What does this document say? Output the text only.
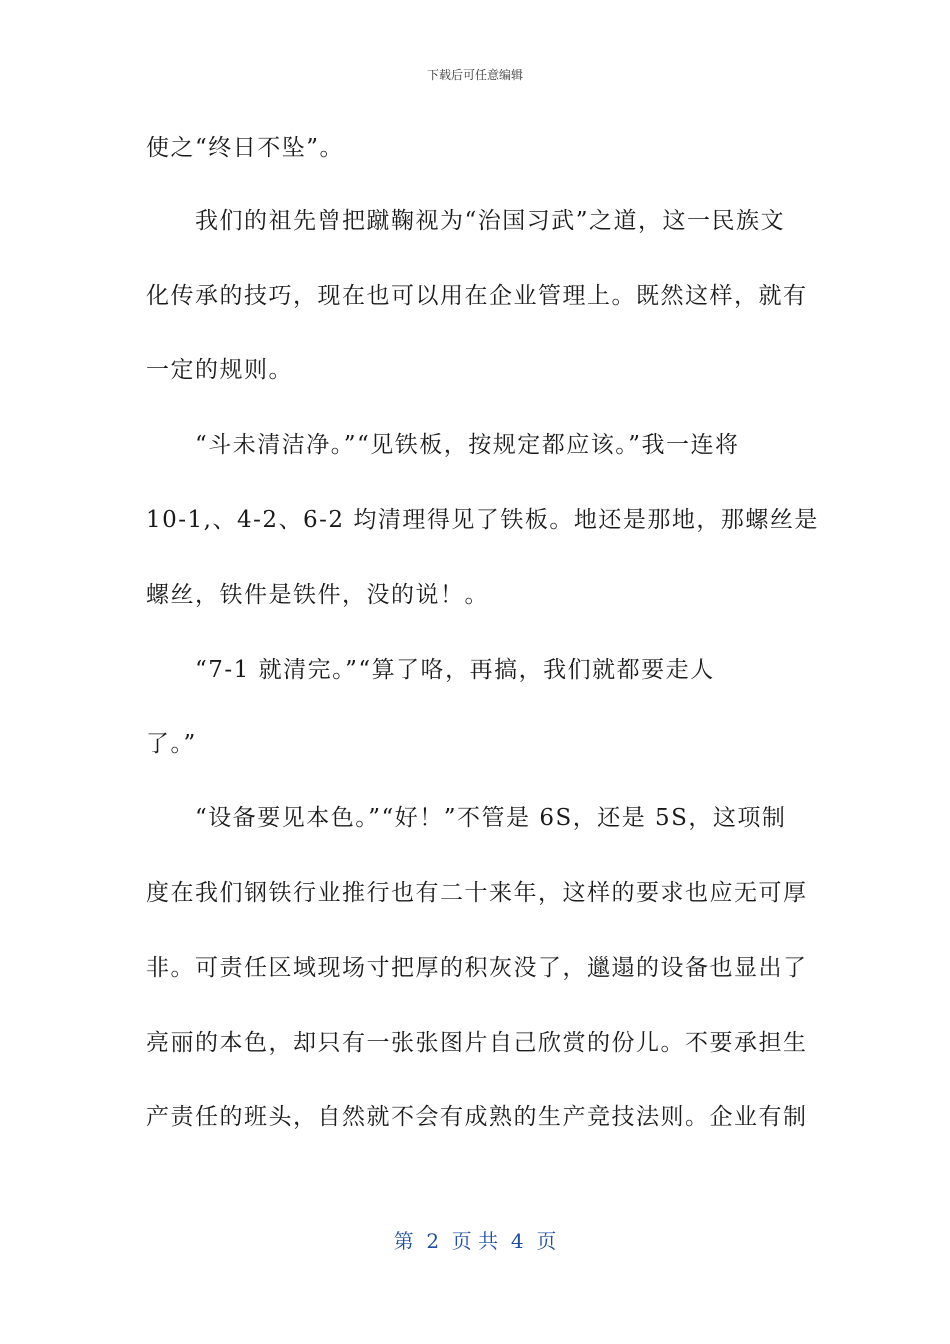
下载后可任意编辑
使之“终日不坠”。
　　我们的祖先曾把蹴鞠视为“治国习武”之道，这一民族文
化传承的技巧，现在也可以用在企业管理上。既然这样，就有
一定的规则。
　　“斗未清洁净。”“见铁板，按规定都应该。”我一连将
10-1,、4-2、6-2 均清理得见了铁板。地还是那地，那螺丝是
螺丝，铁件是铁件，没的说！。
　　“7-1 就清完。”“算了咯，再搞，我们就都要走人
了。”
　　“设备要见本色。”“好！”不管是 6S，还是 5S，这项制
度在我们钢铁行业推行也有二十来年，这样的要求也应无可厚
非。可责任区域现场寸把厚的积灰没了，邋遢的设备也显出了
亮丽的本色，却只有一张张图片自己欣赏的份儿。不要承担生
产责任的班头，自然就不会有成熟的生产竞技法则。企业有制
第  2  页 共  4  页
